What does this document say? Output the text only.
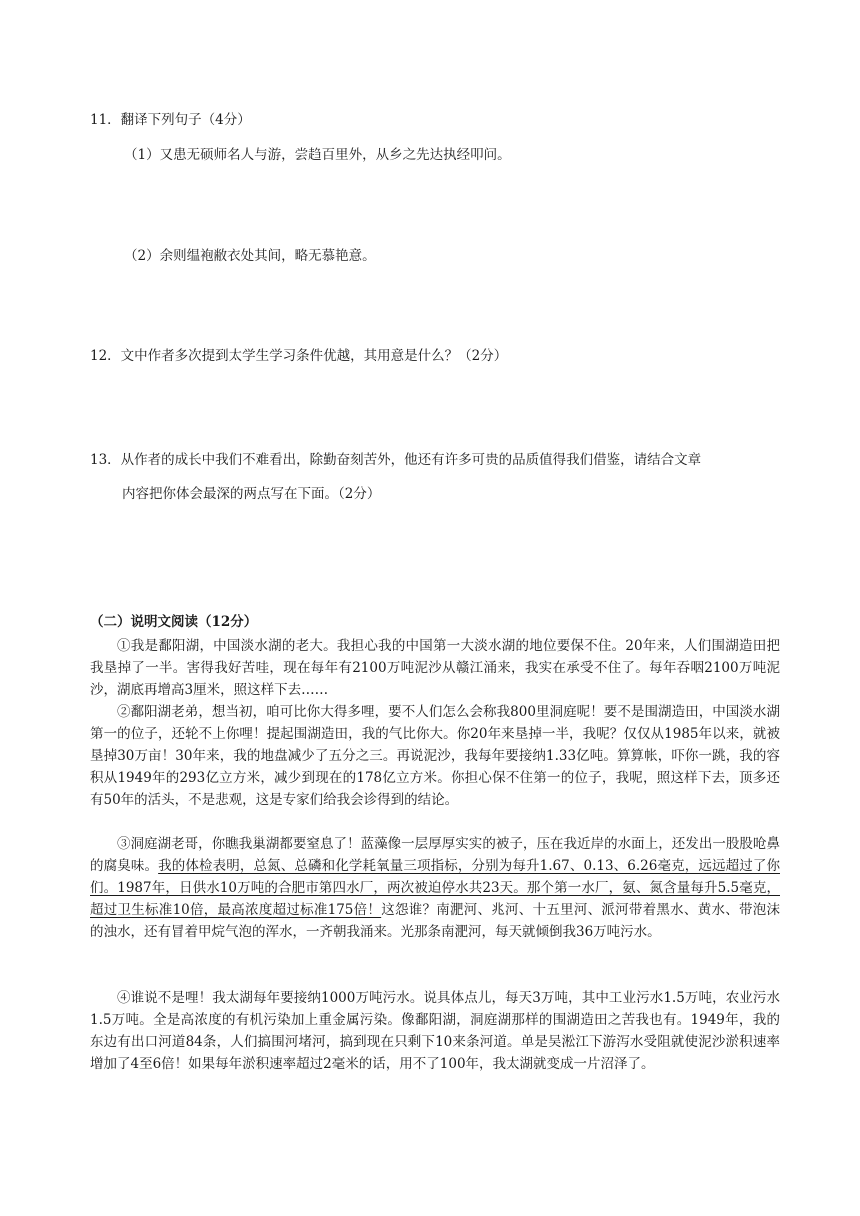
11．翻译下列句子（4分）
（1）又患无硕师名人与游，尝趋百里外，从乡之先达执经叩问。
（2）余则缊袍敝衣处其间，略无慕艳意。
12．文中作者多次提到太学生学习条件优越，其用意是什么？（2分）
13．从作者的成长中我们不难看出，除勤奋刻苦外，他还有许多可贵的品质值得我们借鉴，请结合文章
内容把你体会最深的两点写在下面。（2分）
（二）说明文阅读（12分）

①我是鄱阳湖，中国淡水湖的老大。我担心我的中国第一大淡水湖的地位要保不住。20年来，人们围湖造田把我垦掉了一半。害得我好苦哇，现在每年有2100万吨泥沙从赣江涌来，我实在承受不住了。每年吞咽2100万吨泥沙，湖底再增高3厘米，照这样下去……

②鄱阳湖老弟，想当初，咱可比你大得多哩，要不人们怎么会称我800里洞庭呢！要不是围湖造田，中国淡水湖第一的位子，还轮不上你哩！提起围湖造田，我的气比你大。你20年来垦掉一半，我呢？仅仅从1985年以来，就被垦掉30万亩！30年来，我的地盘减少了五分之三。再说泥沙，我每年要接纳1.33亿吨。算算帐，吓你一跳，我的容积从1949年的293亿立方米，减少到现在的178亿立方米。你担心保不住第一的位子，我呢，照这样下去，顶多还有50年的活头，不是悲观，这是专家们给我会诊得到的结论。

③洞庭湖老哥，你瞧我巢湖都要窒息了！蓝藻像一层厚厚实实的被子，压在我近岸的水面上，还发出一股股呛鼻的腐臭味。我的体检表明，总氮、总磷和化学耗氧量三项指标，分别为每升1.67、0.13、6.26毫克，远远超过了你们。1987年，日供水10万吨的合肥市第四水厂，两次被迫停水共23天。那个第一水厂，氨、氮含量每升5.5毫克，超过卫生标准10倍，最高浓度超过标准175倍！这怨谁？南淝河、兆河、十五里河、派河带着黑水、黄水、带泡沫的浊水，还有冒着甲烷气泡的浑水，一齐朝我涌来。光那条南淝河，每天就倾倒我36万吨污水。

④谁说不是哩！我太湖每年要接纳1000万吨污水。说具体点儿，每天3万吨，其中工业污水1.5万吨，农业污水1.5万吨。全是高浓度的有机污染加上重金属污染。像鄱阳湖，洞庭湖那样的围湖造田之苦我也有。1949年，我的东边有出口河道84条，人们搞围河堵河，搞到现在只剩下10来条河道。单是吴淞江下游泻水受阻就使泥沙淤积速率增加了4至6倍！如果每年淤积速率超过2毫米的话，用不了100年，我太湖就变成一片沼泽了。
